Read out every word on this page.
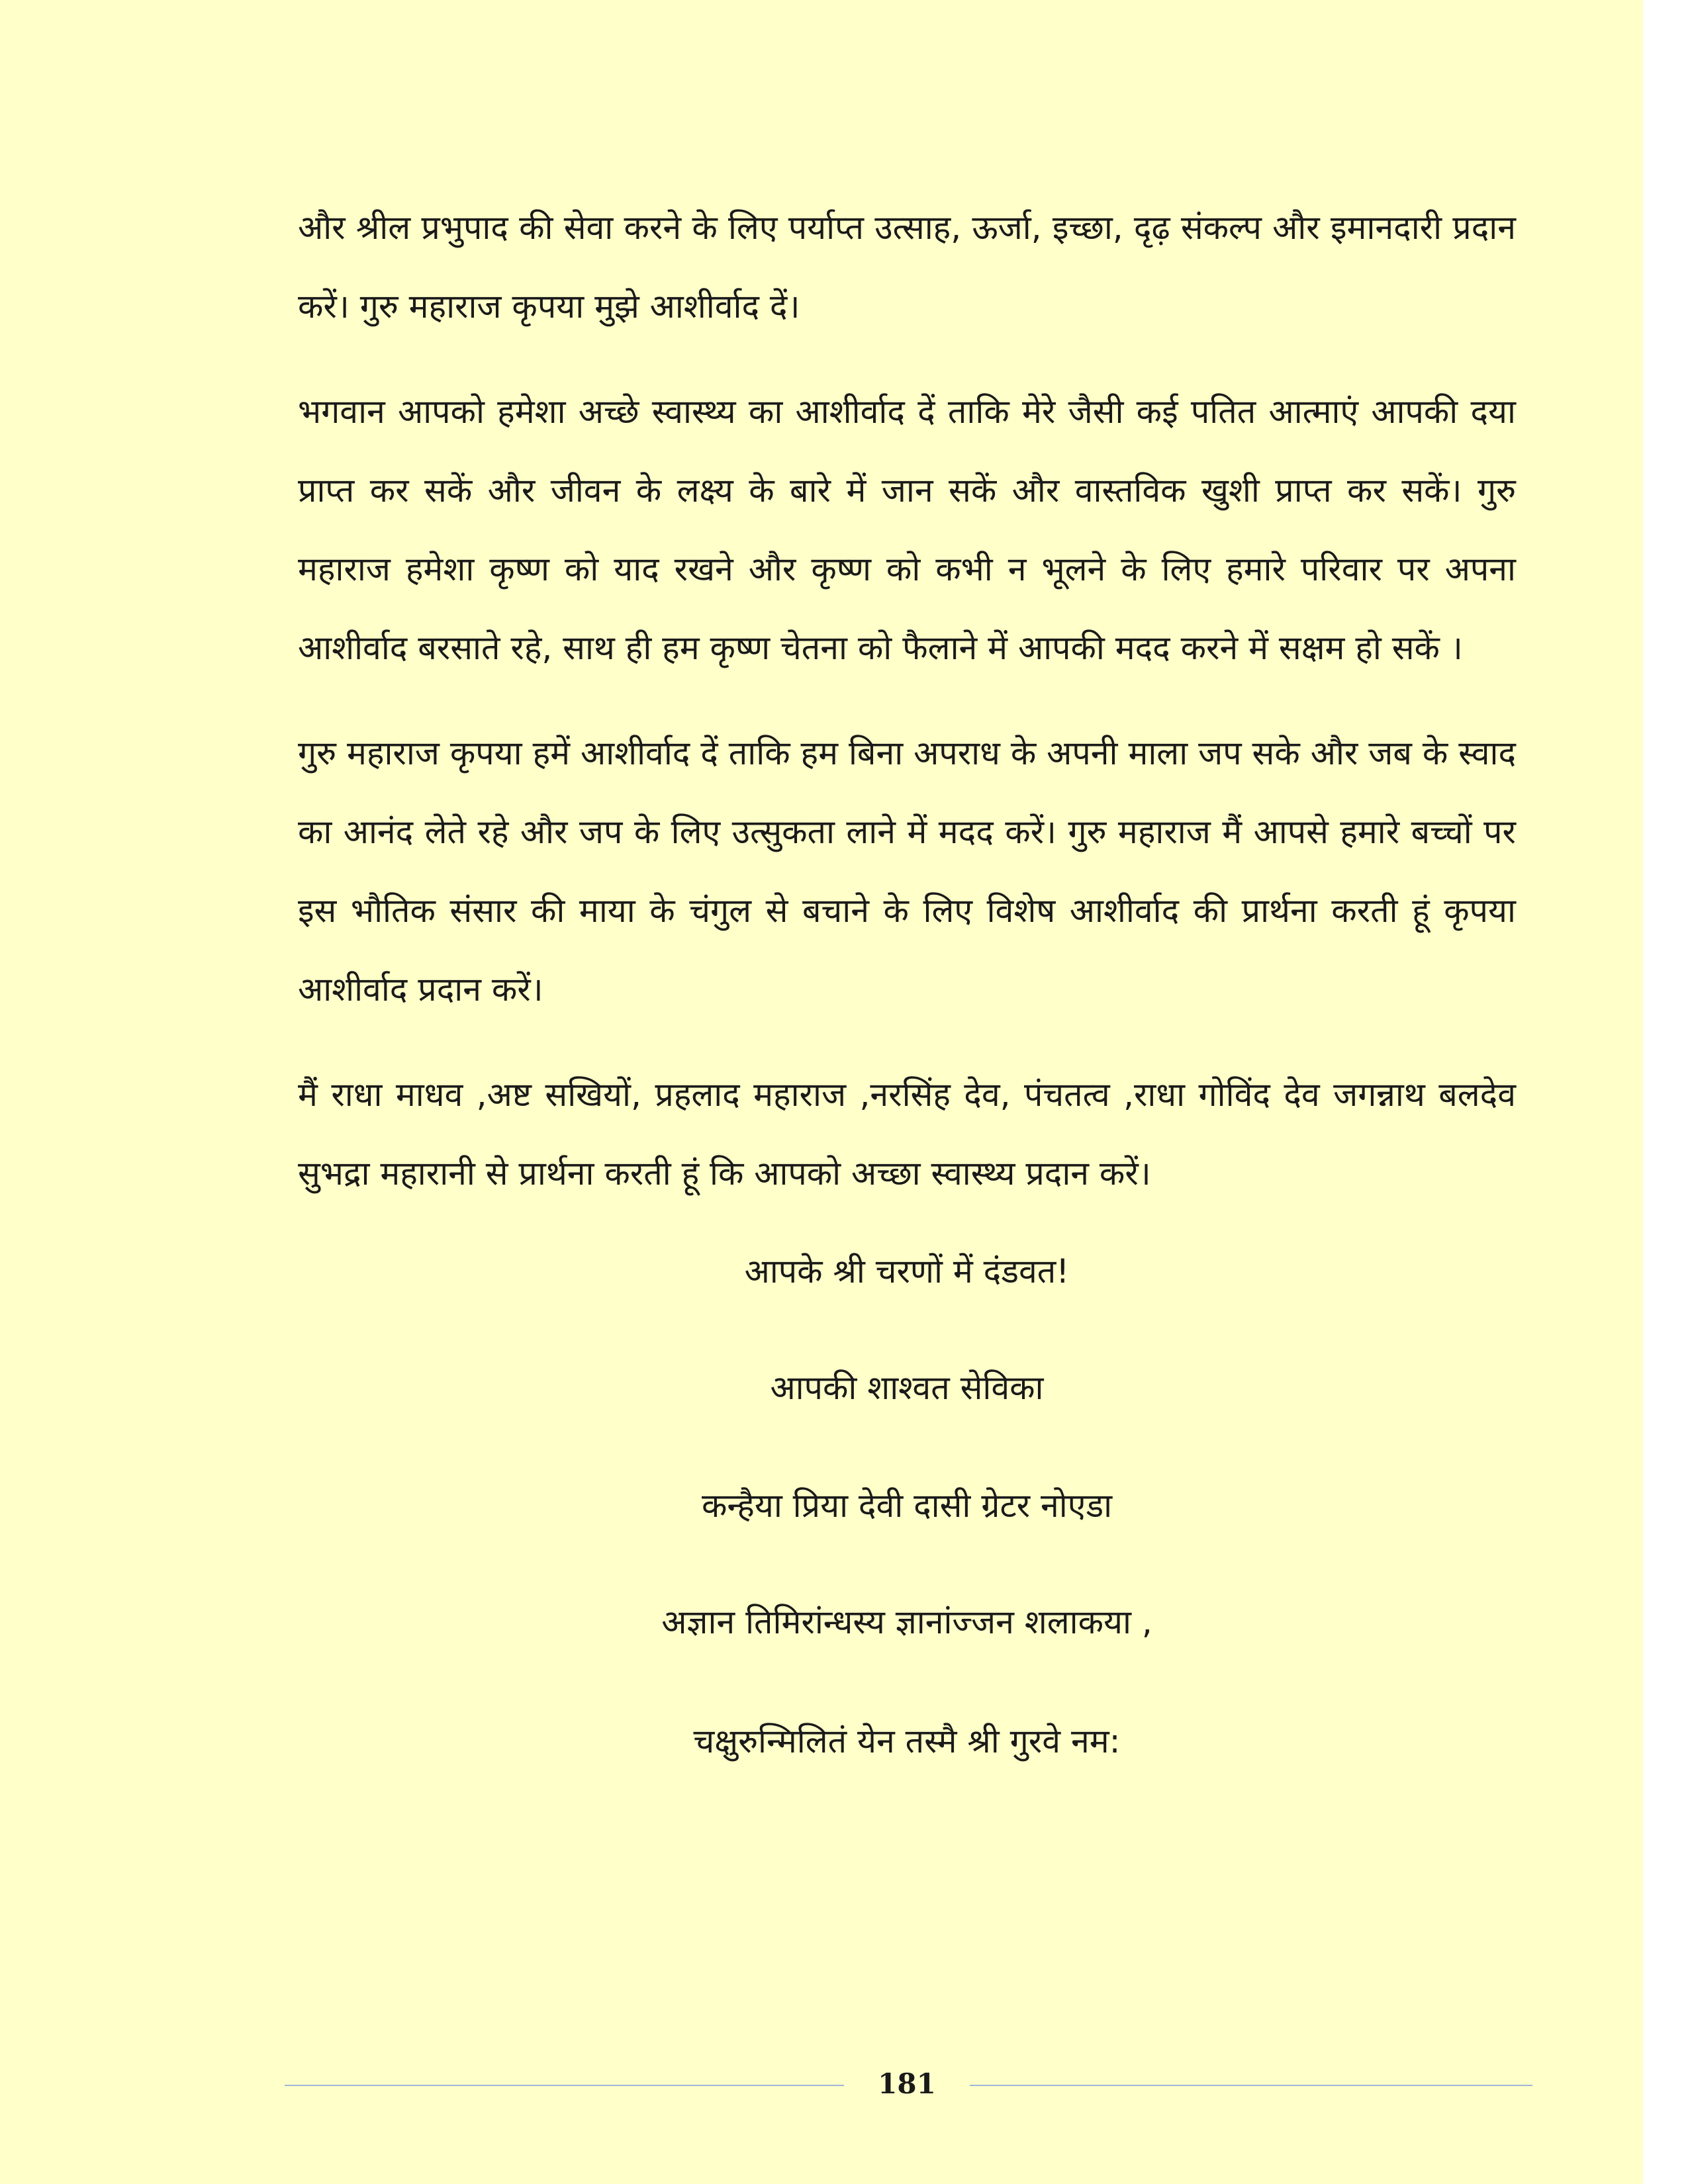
और श्रील प्रभुपाद की सेवा करने के लिए पर्याप्त उत्साह, ऊर्जा, इच्छा, दृढ़ संकल्प और इमानदारी प्रदान करें। गुरु महाराज कृपया मुझे आशीर्वाद दें।

भगवान आपको हमेशा अच्छे स्वास्थ्य का आशीर्वाद दें ताकि मेरे जैसी कई पतित आत्माएं आपकी दया प्राप्त कर सकें और जीवन के लक्ष्य के बारे में जान सकें और वास्तविक खुशी प्राप्त कर सकें। गुरु महाराज हमेशा कृष्ण को याद रखने और कृष्ण को कभी न भूलने के लिए हमारे परिवार पर अपना आशीर्वाद बरसाते रहे, साथ ही हम कृष्ण चेतना को फैलाने में आपकी मदद करने में सक्षम हो सकें ।

गुरु महाराज कृपया हमें आशीर्वाद दें ताकि हम बिना अपराध के अपनी माला जप सके और जब के स्वाद का आनंद लेते रहे और जप के लिए उत्सुकता लाने में मदद करें। गुरु महाराज मैं आपसे हमारे बच्चों पर इस भौतिक संसार की माया के चंगुल से बचाने के लिए विशेष आशीर्वाद की प्रार्थना करती हूं कृपया आशीर्वाद प्रदान करें।

मैं राधा माधव ,अष्ट सखियों, प्रहलाद महाराज ,नरसिंह देव, पंचतत्व ,राधा गोविंद देव जगन्नाथ बलदेव सुभद्रा महारानी से प्रार्थना करती हूं कि आपको अच्छा स्वास्थ्य प्रदान करें।

आपके श्री चरणों में दंडवत!

आपकी शाश्वत सेविका

कन्हैया प्रिया देवी दासी ग्रेटर नोएडा

अज्ञान तिमिरांन्धस्य ज्ञानांज्जन शलाकया ,

चक्षुरुन्मिलितं येन तस्मै श्री गुरवे नम:

181
